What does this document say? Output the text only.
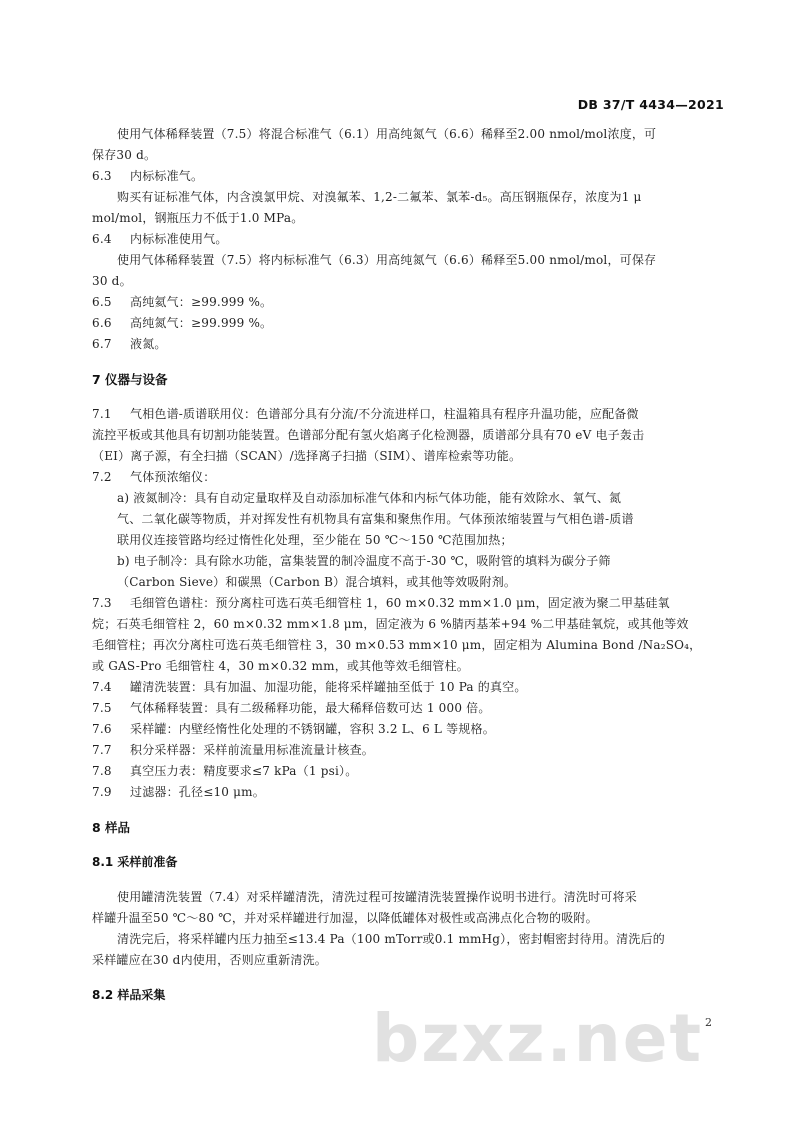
DB 37/T 4434—2021
使用气体稀释装置（7.5）将混合标准气（6.1）用高纯氮气（6.6）稀释至2.00 nmol/mol浓度，可
保存30 d。
6.3 内标标准气。
购买有证标准气体，内含溴氯甲烷、对溴氟苯、1,2-二氟苯、氯苯-d₅。高压钢瓶保存，浓度为1 μ
mol/mol，钢瓶压力不低于1.0 MPa。
6.4 内标标准使用气。
使用气体稀释装置（7.5）将内标标准气（6.3）用高纯氮气（6.6）稀释至5.00 nmol/mol，可保存
30 d。
6.5 高纯氦气：≥99.999 %。
6.6 高纯氮气：≥99.999 %。
6.7 液氮。
7 仪器与设备
7.1 气相色谱-质谱联用仪：色谱部分具有分流/不分流进样口，柱温箱具有程序升温功能，应配备微
流控平板或其他具有切割功能装置。色谱部分配有氢火焰离子化检测器，质谱部分具有70 eV 电子轰击
（EI）离子源，有全扫描（SCAN）/选择离子扫描（SIM）、谱库检索等功能。
7.2 气体预浓缩仪：
a) 液氮制冷：具有自动定量取样及自动添加标准气体和内标气体功能，能有效除水、氧气、氮
气、二氧化碳等物质，并对挥发性有机物具有富集和聚焦作用。气体预浓缩装置与气相色谱-质谱
联用仪连接管路均经过惰性化处理，至少能在 50 ℃～150 ℃范围加热；
b) 电子制冷：具有除水功能，富集装置的制冷温度不高于-30 ℃，吸附管的填料为碳分子筛
（Carbon Sieve）和碳黑（Carbon B）混合填料，或其他等效吸附剂。
7.3 毛细管色谱柱：预分离柱可选石英毛细管柱 1，60 m×0.32 mm×1.0 μm，固定液为聚二甲基硅氧
烷；石英毛细管柱 2，60 m×0.32 mm×1.8 μm，固定液为 6 %腈丙基苯+94 %二甲基硅氧烷，或其他等效
毛细管柱；再次分离柱可选石英毛细管柱 3，30 m×0.53 mm×10 μm，固定相为 Alumina Bond /Na₂SO₄，
或 GAS-Pro 毛细管柱 4，30 m×0.32 mm，或其他等效毛细管柱。
7.4 罐清洗装置：具有加温、加湿功能，能将采样罐抽至低于 10 Pa 的真空。
7.5 气体稀释装置：具有二级稀释功能，最大稀释倍数可达 1 000 倍。
7.6 采样罐：内壁经惰性化处理的不锈钢罐，容积 3.2 L、6 L 等规格。
7.7 积分采样器：采样前流量用标准流量计核查。
7.8 真空压力表：精度要求≤7 kPa（1 psi）。
7.9 过滤器：孔径≤10 μm。
8 样品
8.1 采样前准备
使用罐清洗装置（7.4）对采样罐清洗，清洗过程可按罐清洗装置操作说明书进行。清洗时可将采
样罐升温至50 ℃～80 ℃，并对采样罐进行加湿，以降低罐体对极性或高沸点化合物的吸附。
清洗完后，将采样罐内压力抽至≤13.4 Pa（100 mTorr或0.1 mmHg），密封帽密封待用。清洗后的
采样罐应在30 d内使用，否则应重新清洗。
8.2 样品采集
bzxz.net 2
